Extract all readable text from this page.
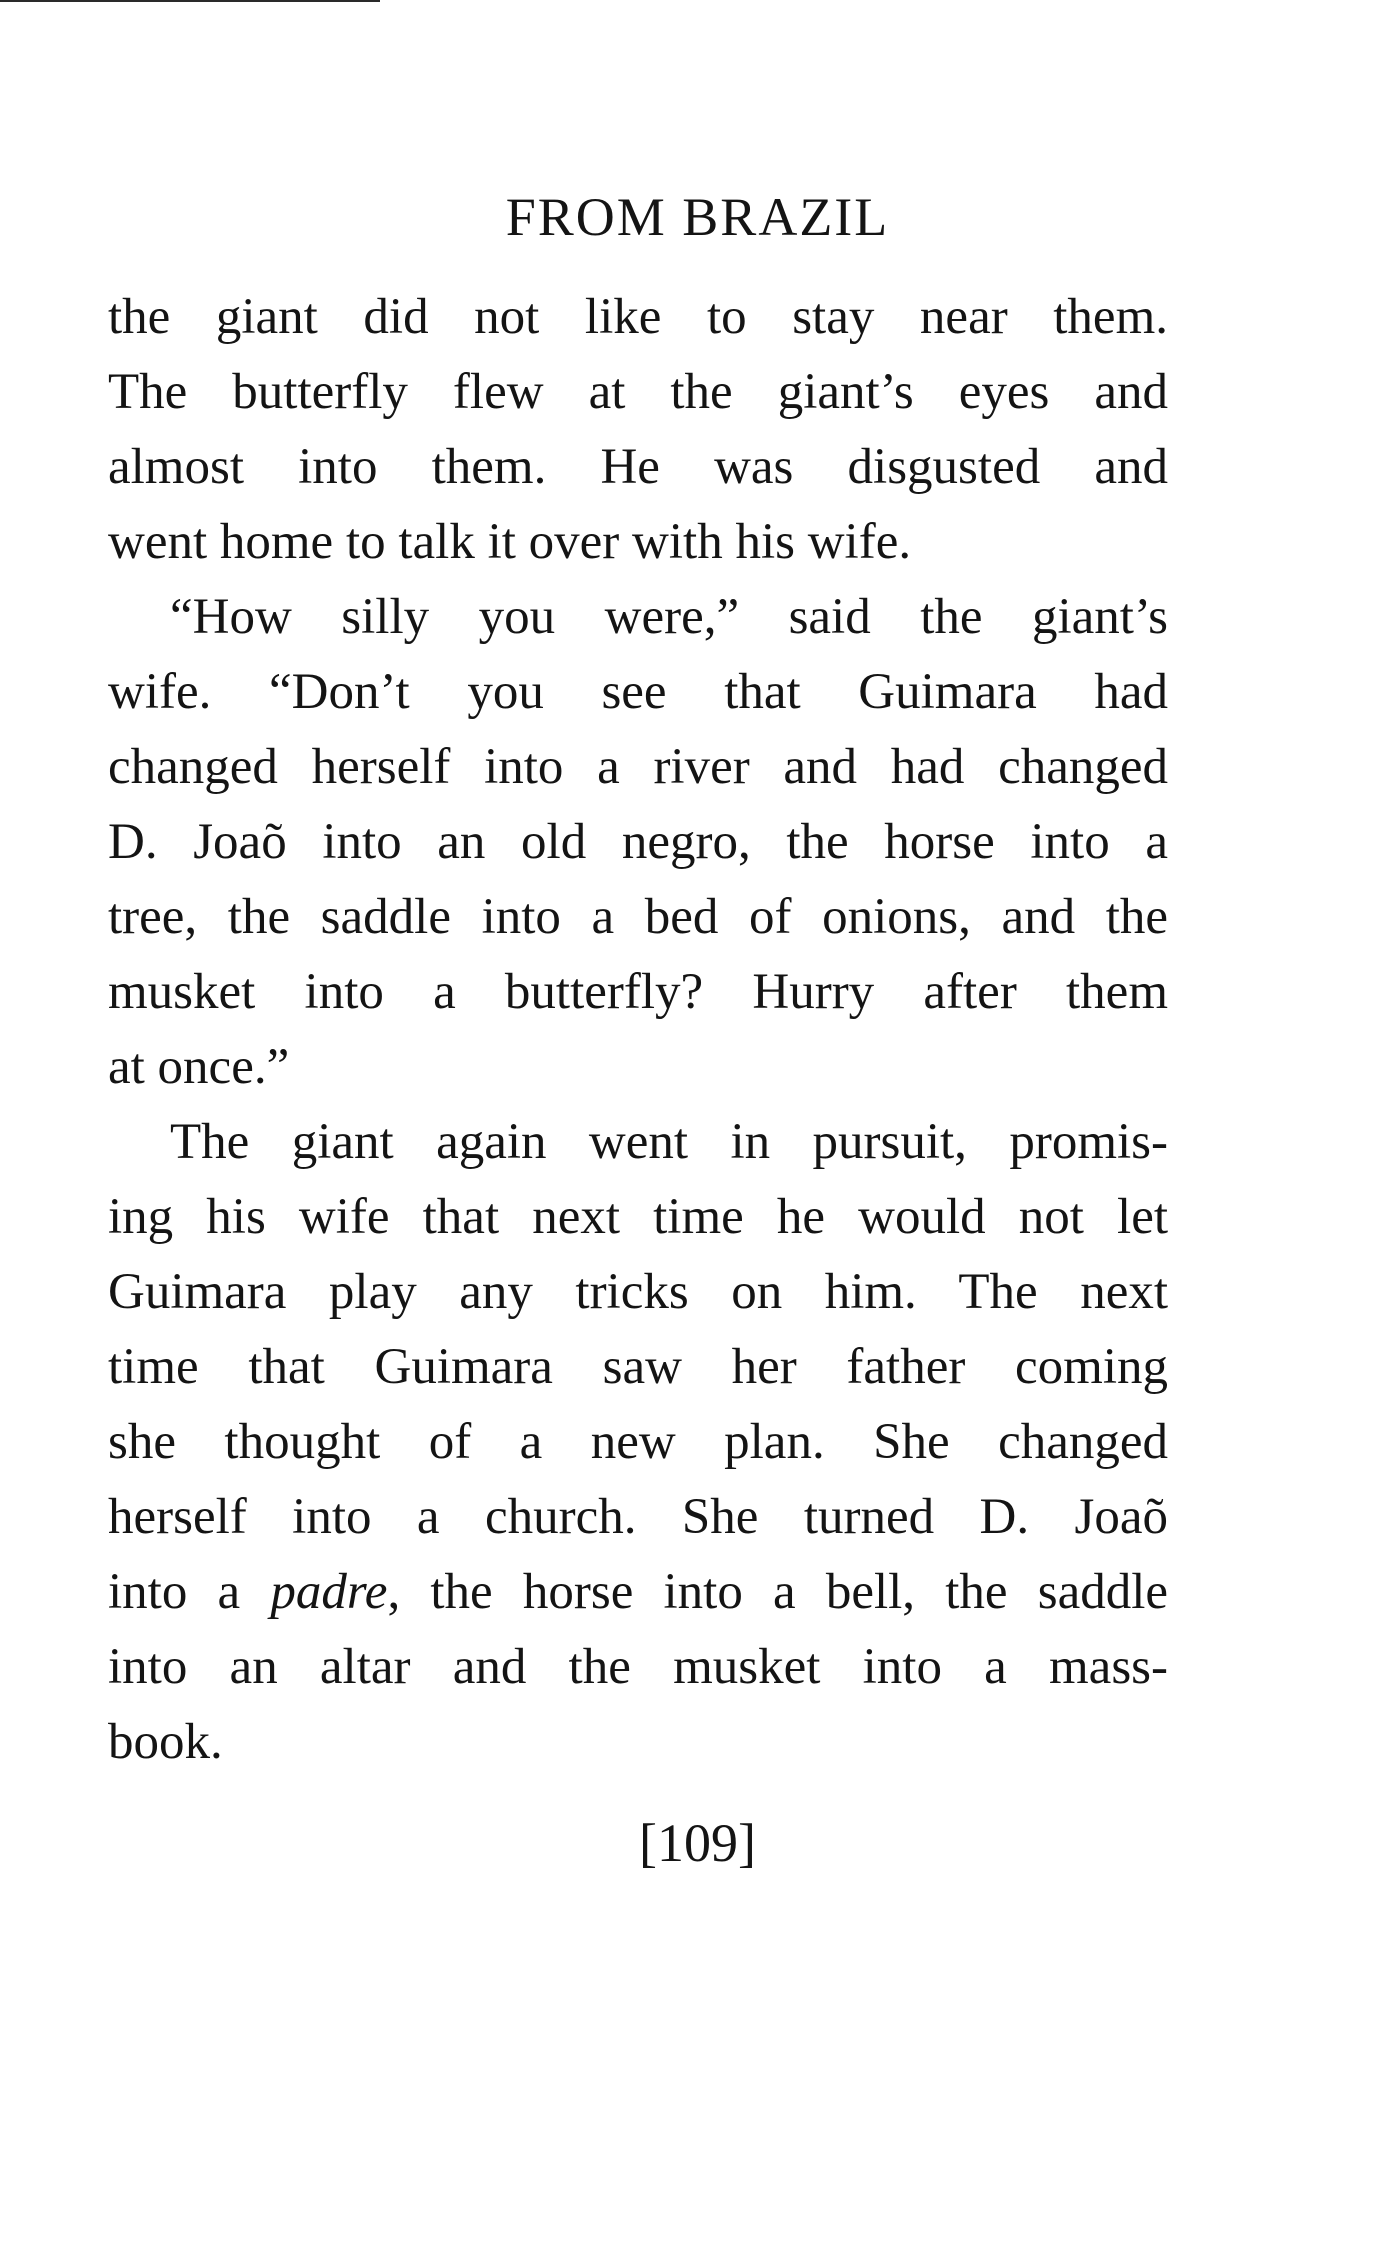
FROM BRAZIL
the giant did not like to stay near them.
The butterfly flew at the giant’s eyes and
almost into them. He was disgusted and
went home to talk it over with his wife.
“How silly you were,” said the giant’s
wife. “Don’t you see that Guimara had
changed herself into a river and had changed
D. Joaõ into an old negro, the horse into a
tree, the saddle into a bed of onions, and the
musket into a butterfly? Hurry after them
at once.”
The giant again went in pursuit, promis-
ing his wife that next time he would not let
Guimara play any tricks on him. The next
time that Guimara saw her father coming
she thought of a new plan. She changed
herself into a church. She turned D. Joaõ
into a padre, the horse into a bell, the saddle
into an altar and the musket into a mass-
book.
[109]
